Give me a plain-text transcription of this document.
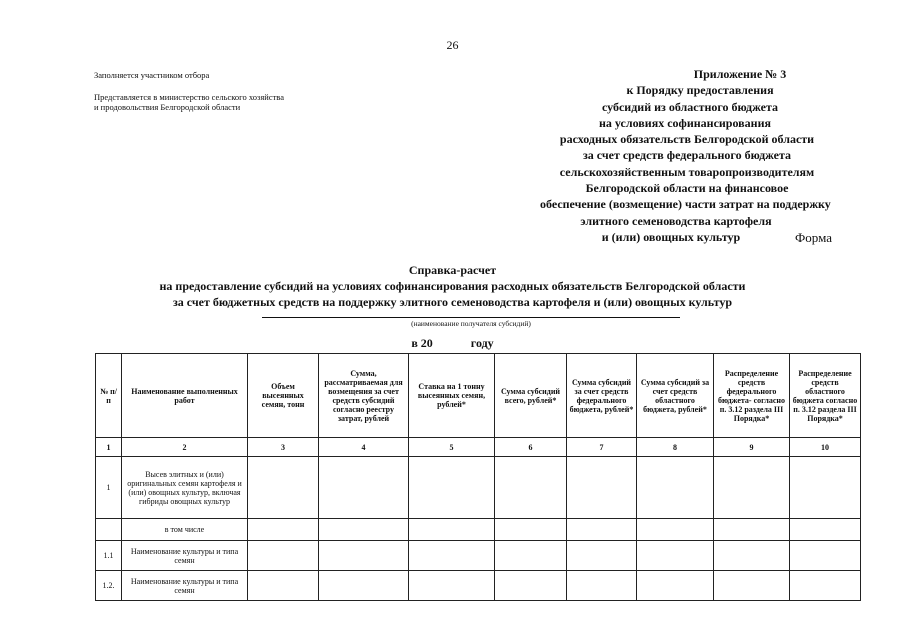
26
Заполняется участником отбора
Представляется в министерство сельского хозяйства
и продовольствия Белгородской области
Приложение № 3
к Порядку предоставления
субсидий из областного бюджета
на условиях софинансирования
расходных обязательств Белгородской области
за счет средств федерального бюджета
сельскохозяйственным товаропроизводителям
Белгородской области на финансовое
обеспечение (возмещение) части затрат на поддержку
элитного семеноводства картофеля
и (или) овощных культур	Форма
Справка-расчет
на предоставление субсидий на условиях софинансирования расходных обязательств Белгородской области
за счет бюджетных средств на поддержку элитного семеноводства картофеля и (или) овощных культур
(наименование получателя субсидий)
в 20	году
№ п/п	Наименование выполненных работ	Объем высеянных семян, тонн	Сумма, рассматриваемая для возмещения за счет средств субсидий согласно реестру затрат, рублей	Ставка на 1 тонну высеянных семян, рублей*	Сумма субсидий всего, рублей*	Сумма субсидий за счет средств федерального бюджета, рублей*	Сумма субсидий за счет средств областного бюджета, рублей*	Распределение средств федерального бюджета- согласно п. 3.12 раздела III Порядка*	Распределение средств областного бюджета согласно п. 3.12 раздела III Порядка*
1	2	3	4	5	6	7	8	9	10
1	Высев элитных и (или) оригинальных семян картофеля и (или) овощных культур, включая гибриды овощных культур								
	в том числе								
1.1	Наименование культуры и типа семян								
1.2.	Наименование культуры и типа семян								
